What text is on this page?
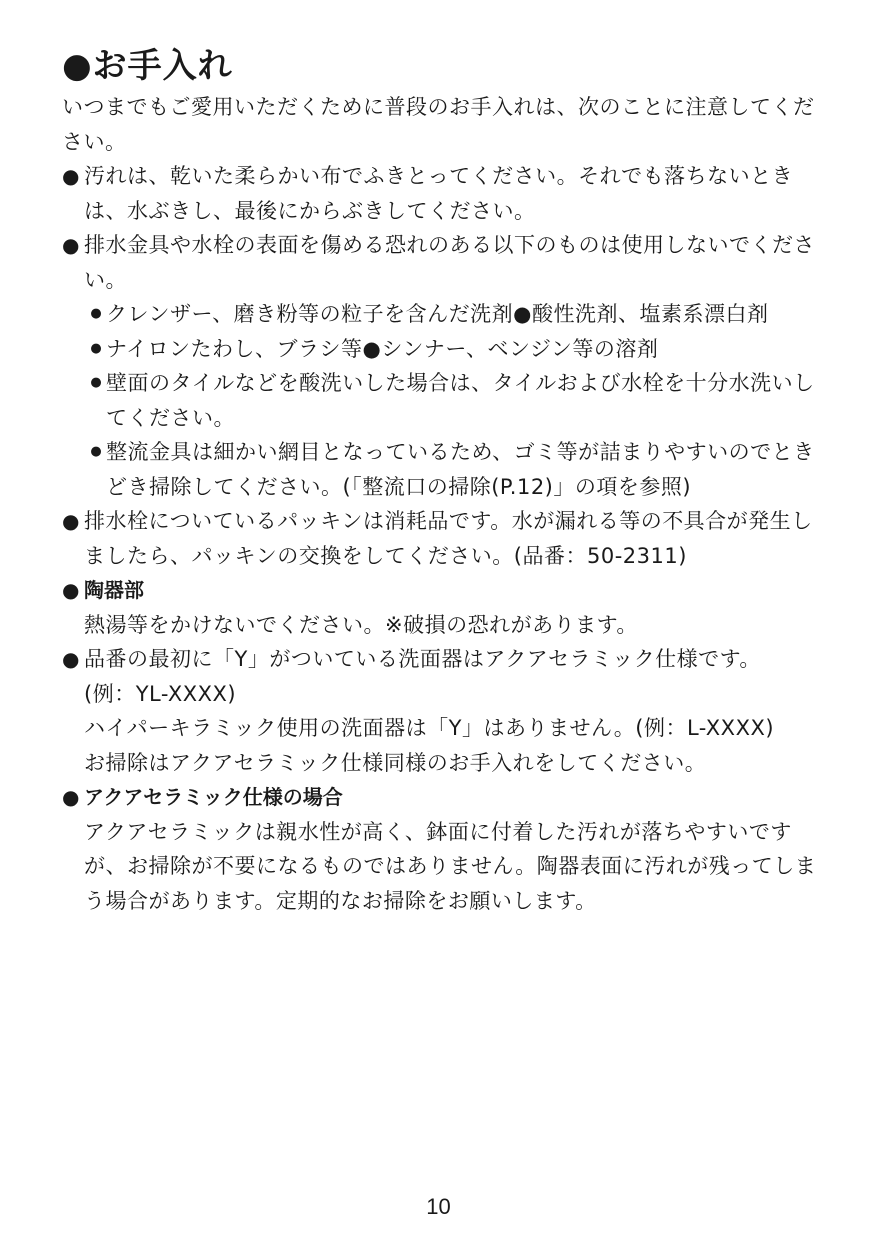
●お手入れ

いつまでもご愛用いただくために普段のお手入れは、次のことに注意してください。

● 汚れは、乾いた柔らかい布でふきとってください。それでも落ちないときは、水ぶきし、最後にからぶきしてください。

● 排水金具や水栓の表面を傷める恐れのある以下のものは使用しないでください。

● クレンザー、磨き粉等の粒子を含んだ洗剤●酸性洗剤、塩素系漂白剤

● ナイロンたわし、ブラシ等●シンナー、ベンジン等の溶剤

● 壁面のタイルなどを酸洗いした場合は、タイルおよび水栓を十分水洗いしてください。

● 整流金具は細かい網目となっているため、ゴミ等が詰まりやすいのでときどき掃除してください。(「整流口の掃除(P.12)」の項を参照)

● 排水栓についているパッキンは消耗品です。水が漏れる等の不具合が発生しましたら、パッキンの交換をしてください。(品番：50-2311)

● 陶器部

熱湯等をかけないでください。※破損の恐れがあります。

● 品番の最初に「Y」がついている洗面器はアクアセラミック仕様です。

(例：YL-XXXX)

ハイパーキラミック使用の洗面器は「Y」はありません。(例：L-XXXX)

お掃除はアクアセラミック仕様同様のお手入れをしてください。

● アクアセラミック仕様の場合

アクアセラミックは親水性が高く、鉢面に付着した汚れが落ちやすいですが、お掃除が不要になるものではありません。陶器表面に汚れが残ってしまう場合があります。定期的なお掃除をお願いします。

10
